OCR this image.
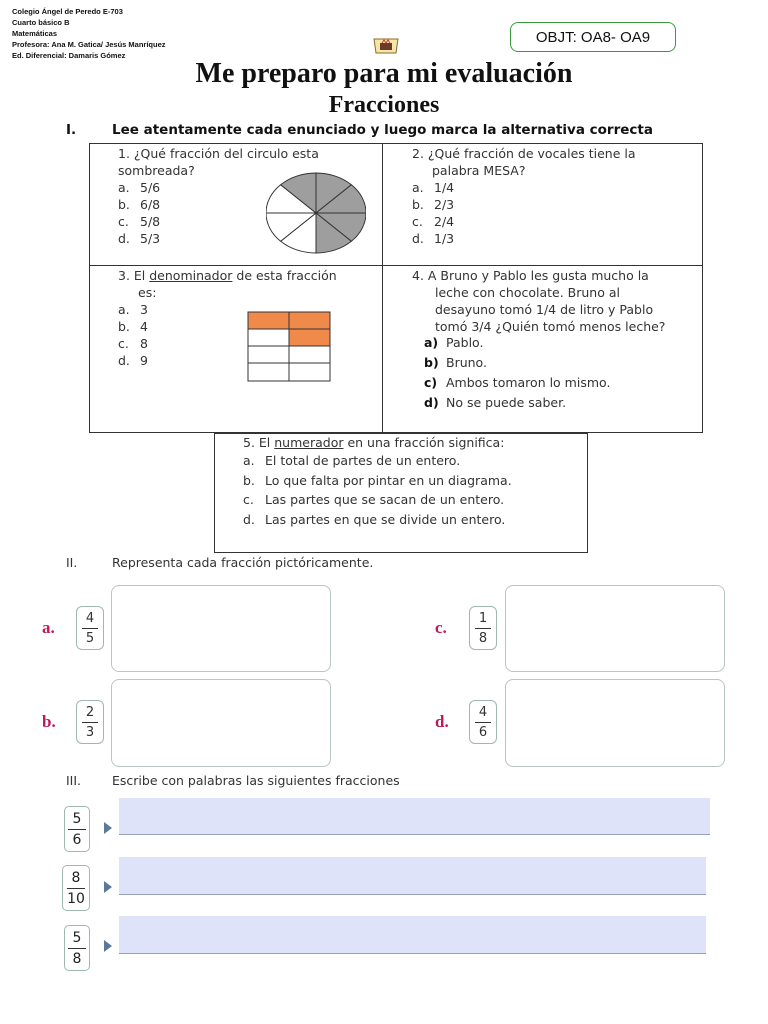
Colegio Ángel de Peredo E-703
Cuarto básico B
Matemáticas
Profesora: Ana M. Gatica/ Jesús Manríquez
Ed. Diferencial: Damaris Gómez
OBJT: OA8- OA9
Me preparo para mi evaluación
Fracciones
I.	Lee atentamente cada enunciado y luego marca la alternativa correcta
1. ¿Qué fracción del circulo esta
sombreada?
a. 5/6
b. 6/8
c. 5/8
d. 5/3
2. ¿Qué fracción de vocales tiene la
palabra MESA?
a. 1/4
b. 2/3
c. 2/4
d. 1/3
3. El denominador de esta fracción
es:
a. 3
b. 4
c. 8
d. 9
4. A Bruno y Pablo les gusta mucho la
leche con chocolate. Bruno al
desayuno tomó 1/4 de litro y Pablo
tomó 3/4 ¿Quién tomó menos leche?
a) Pablo.
b) Bruno.
c) Ambos tomaron lo mismo.
d) No se puede saber.
5. El numerador en una fracción significa:
a. El total de partes de un entero.
b. Lo que falta por pintar en un diagrama.
c. Las partes que se sacan de un entero.
d. Las partes en que se divide un entero.
II.	Representa cada fracción pictóricamente.
a. 4
5
c. 1
8
b. 2
3
d. 4
6
III. Escribe con palabras las siguientes fracciones
5
6
8
10
5
8
